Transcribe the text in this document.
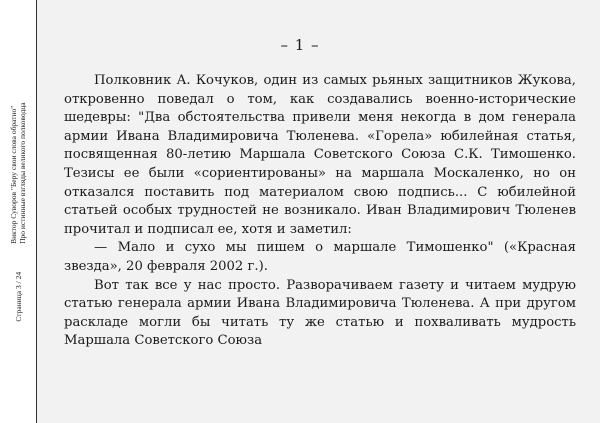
Страница 3 / 24
Виктор Суворов "Беру свои слова обратно" Про истинные взгляды великого полководца
– 1 –

Полковник А. Кочуков, один из самых рьяных защитников Жукова, откровенно поведал о том, как создавались военно-исторические шедевры: "Два обстоятельства привели меня некогда в дом генерала армии Ивана Владимировича Тюленева. «Горела» юбилейная статья, посвященная 80-летию Маршала Советского Союза С.К. Тимошенко. Тезисы ее были «сориентированы» на маршала Москаленко, но он отказался поставить под материалом свою подпись... С юбилейной статьей особых трудностей не возникало. Иван Владимирович Тюленев прочитал и подписал ее, хотя и заметил:

— Мало и сухо мы пишем о маршале Тимошенко" («Красная звезда», 20 февраля 2002 г.).

Вот так все у нас просто. Разворачиваем газету и читаем мудрую статью генерала армии Ивана Владимировича Тюленева. А при другом раскладе могли бы читать ту же статью и похваливать мудрость Маршала Советского Союза
